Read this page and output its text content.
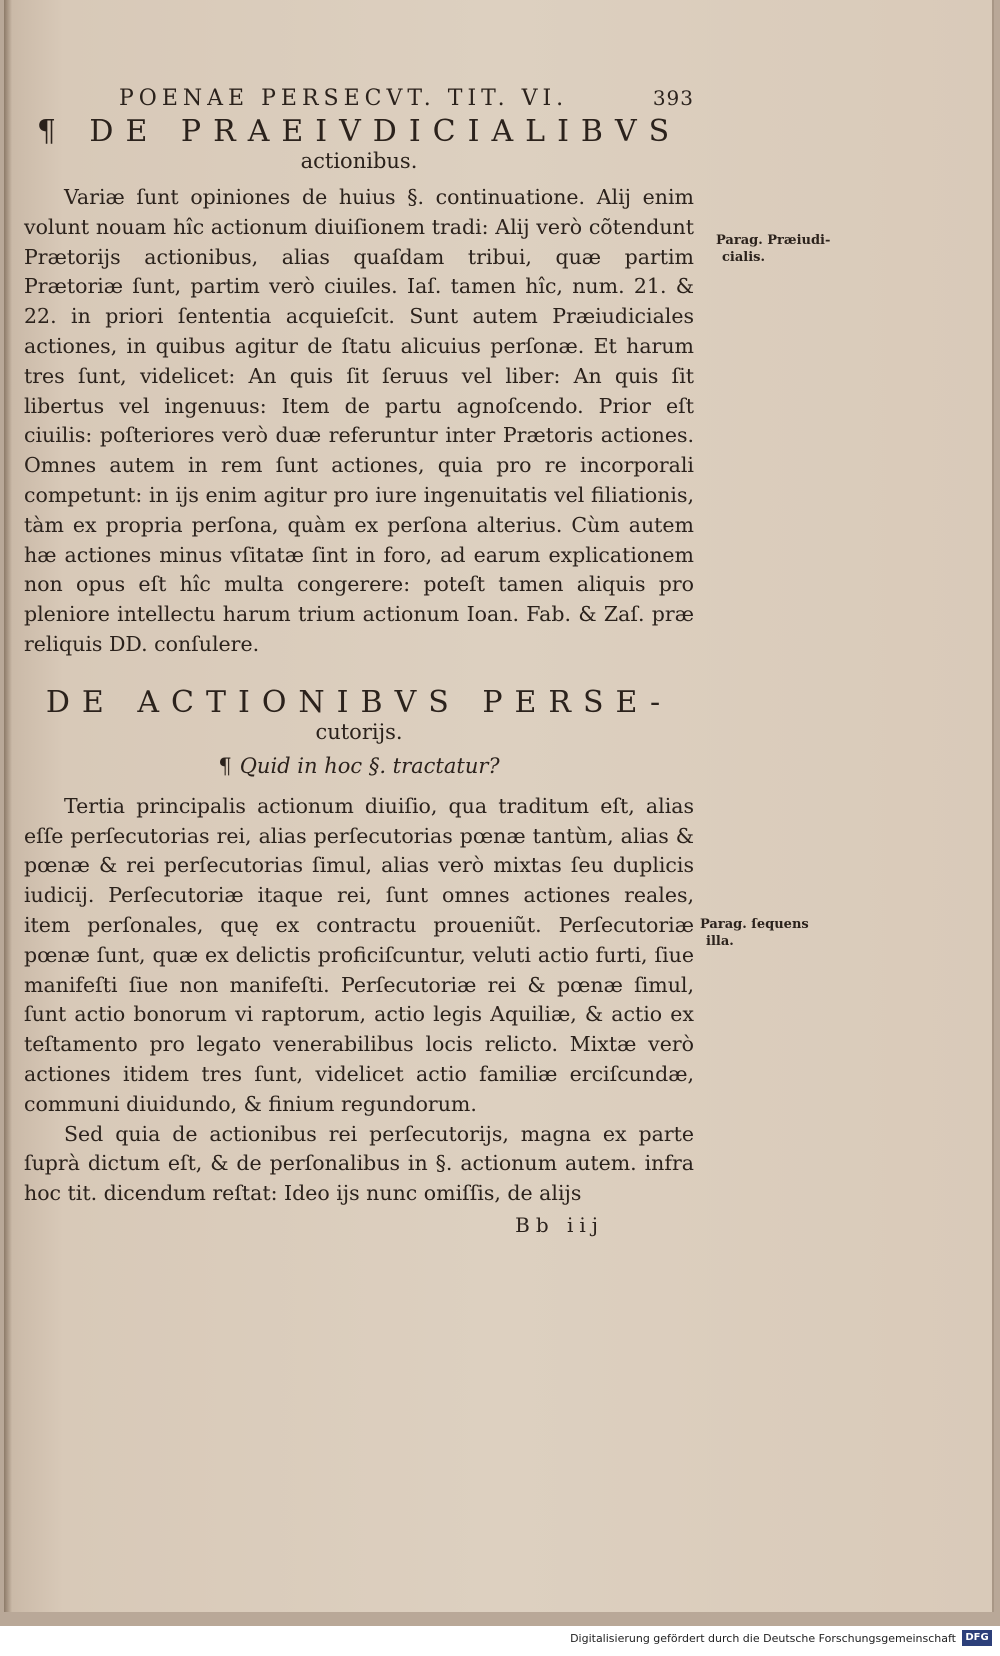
POENAE PERSECVT. TIT. VI.	393
¶ DE PRAEIVDICIALIBVS
actionibus.

Variæ ſunt opiniones de huius §. continuatione. Alij enim volunt nouam hîc actionum diuiſionem tradi: Alij verò cõtendunt Prætorijs actionibus, alias quaſdam tribui, quæ partim Prætoriæ ſunt, partim verò ciuiles. Iaſ. tamen hîc, num. 21. & 22. in priori ſententia acquieſcit. Sunt autem Præiudiciales actiones, in quibus agitur de ſtatu alicuius perſonæ. Et harum tres ſunt, videlicet: An quis ſit ſeruus vel liber: An quis ſit libertus vel ingenuus: Item de partu agnoſcendo. Prior eſt ciuilis: poſteriores verò duæ referuntur inter Prætoris actiones. Omnes autem in rem ſunt actiones, quia pro re incorporali competunt: in ijs enim agitur pro iure ingenuitatis vel filiationis, tàm ex propria perſona, quàm ex perſona alterius. Cùm autem hæ actiones minus vſitatæ ſint in foro, ad earum explicationem non opus eſt hîc multa congerere: poteſt tamen aliquis pro pleniore intellectu harum trium actionum Ioan. Fab. & Zaſ. præ reliquis DD. conſulere.

DE ACTIONIBVS PERSE-
cutorijs.
¶ Quid in hoc §. tractatur?

Tertia principalis actionum diuiſio, qua traditum eſt, alias eſſe perſecutorias rei, alias perſecutorias pœnæ tantùm, alias & pœnæ & rei perſecutorias ſimul, alias verò mixtas ſeu duplicis iudicij. Perſecutoriæ itaque rei, ſunt omnes actiones reales, item perſonales, quę ex contractu proueniũt. Perſecutoriæ pœnæ ſunt, quæ ex delictis proficiſcuntur, veluti actio furti, ſiue manifeſti ſiue non manifeſti. Perſecutoriæ rei & pœnæ ſimul, ſunt actio bonorum vi raptorum, actio legis Aquiliæ, & actio ex teſtamento pro legato venerabilibus locis relicto. Mixtæ verò actiones itidem tres ſunt, videlicet actio familiæ erciſcundæ, communi diuidundo, & finium regundorum.

Sed quia de actionibus rei perſecutorijs, magna ex parte ſuprà dictum eſt, & de perſonalibus in §. actionum autem. infra hoc tit. dicendum reſtat: Ideo ijs nunc omiſſis, de alijs

Bb iij
Parag. Præiudi-
cialis.
Parag. ſequens
illa.
Digitalisierung gefördert durch die Deutsche Forschungsgemeinschaft DFG
